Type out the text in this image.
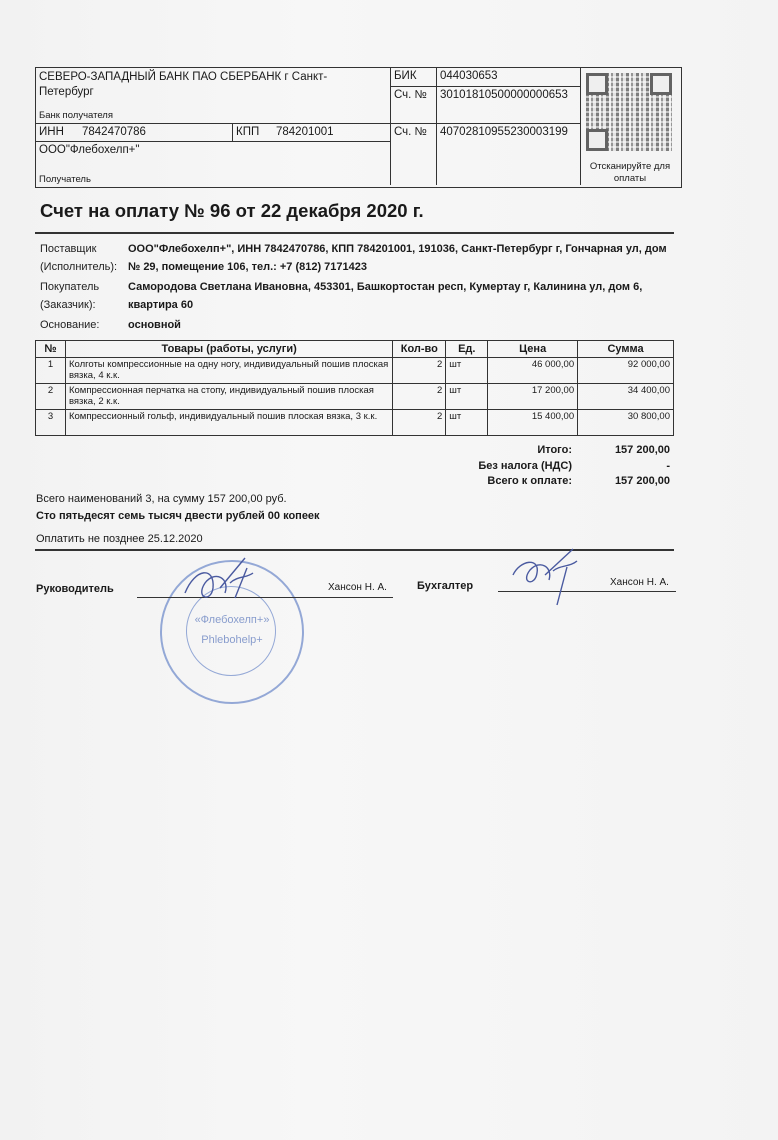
СЕВЕРО-ЗАПАДНЫЙ БАНК ПАО СБЕРБАНК г Санкт-Петербург
Банк получателя
БИК 044030653
Сч. № 30101810500000000653
ИНН 7842470786	КПП 784201001	Сч. № 40702810955230003199
ООО"Флебохелп+"
Получатель
Отсканируйте для оплаты
Счет на оплату № 96 от 22 декабря 2020 г.
Поставщик (Исполнитель):
ООО"Флебохелп+", ИНН 7842470786, КПП 784201001, 191036, Санкт-Петербург г, Гончарная ул, дом № 29, помещение 106, тел.: +7 (812) 7171423
Покупатель (Заказчик):
Самородова Светлана Ивановна, 453301, Башкортостан респ, Кумертау г, Калинина ул, дом 6, квартира 60
Основание:	основной
№	Товары (работы, услуги)	Кол-во	Ед.	Цена	Сумма
1	Колготы компрессионные на одну ногу, индивидуальный пошив плоская вязка, 4 к.к.	2	шт	46 000,00	92 000,00
2	Компрессионная перчатка на стопу, индивидуальный пошив плоская вязка, 2 к.к.	2	шт	17 200,00	34 400,00
3	Компрессионный гольф, индивидуальный пошив плоская вязка, 3 к.к.	2	шт	15 400,00	30 800,00
Итого:	157 200,00
Без налога (НДС)	-
Всего к оплате:	157 200,00
Всего наименований 3, на сумму 157 200,00 руб.
Сто пятьдесят семь тысяч двести рублей 00 копеек
Оплатить не позднее 25.12.2020
«Флебохелп+»
Phlebohelp+
Руководитель	Хансон Н. А.	Бухгалтер	Хансон Н. А.
